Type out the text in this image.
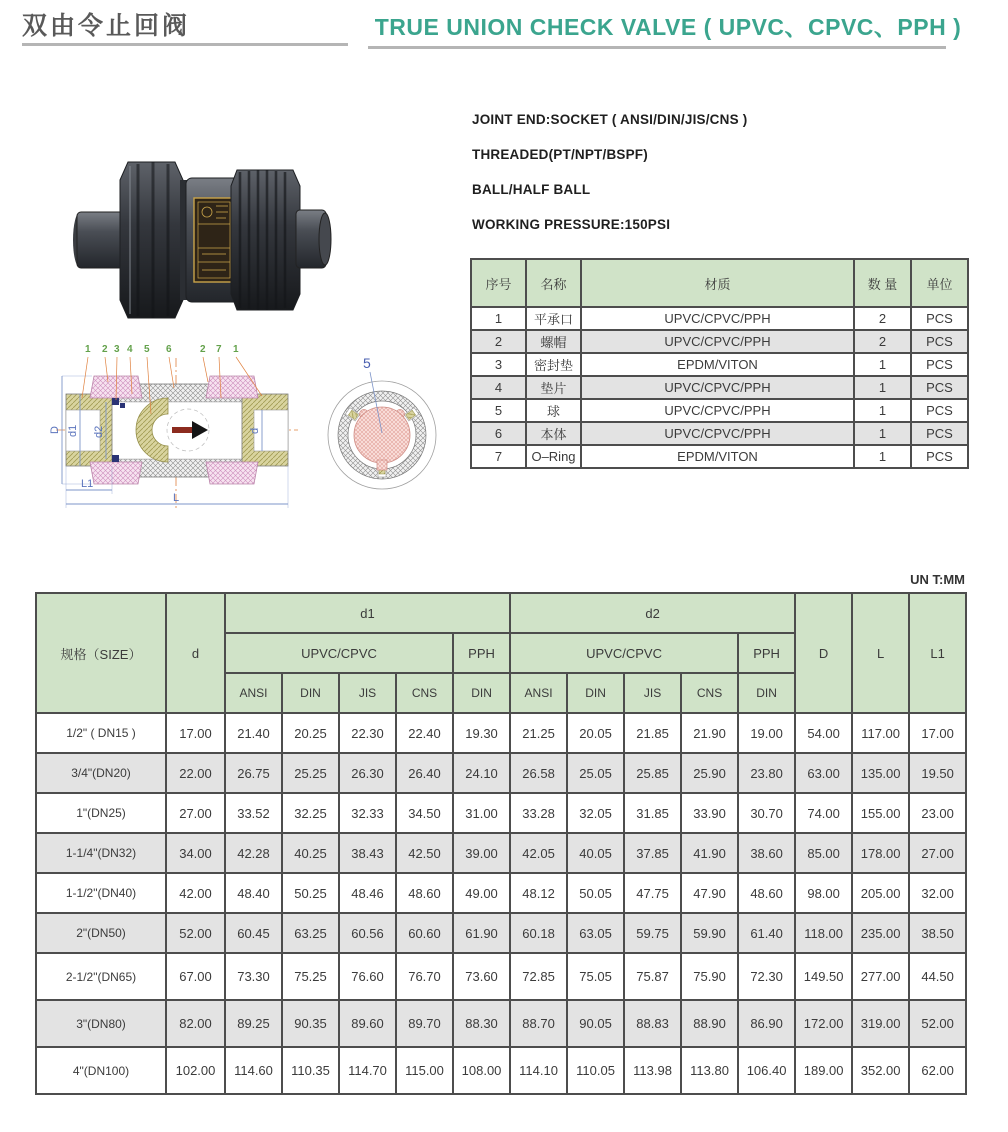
双由令止回阀	TRUE UNION CHECK VALVE ( UPVC、CPVC、PPH )

JOINT END:SOCKET ( ANSI/DIN/JIS/CNS )

THREADED(PT/NPT/BSPF)

BALL/HALF BALL

WORKING PRESSURE:150PSI

序号	名称	材质	数 量	单位
1	平承口	UPVC/CPVC/PPH	2	PCS
2	螺帽	UPVC/CPVC/PPH	2	PCS
3	密封垫	EPDM/VITON	1	PCS
4	垫片	UPVC/CPVC/PPH	1	PCS
5	球	UPVC/CPVC/PPH	1	PCS
6	本体	UPVC/CPVC/PPH	1	PCS
7	O–Ring	EPDM/VITON	1	PCS
D d1 d2	d
L1
L
1 2 3 4 5 6	2 7 1
5
UN T:MM
规格（SIZE）	d	d1					d2					D	L	L1
		UPVC/CPVC				PPH	UPVC/CPVC				PPH			
		ANSI	DIN	JIS	CNS	DIN	ANSI	DIN	JIS	CNS	DIN			
1/2" ( DN15 )	17.00	21.40	20.25	22.30	22.40	19.30	21.25	20.05	21.85	21.90	19.00	54.00	117.00	17.00
3/4"(DN20)	22.00	26.75	25.25	26.30	26.40	24.10	26.58	25.05	25.85	25.90	23.80	63.00	135.00	19.50
1"(DN25)	27.00	33.52	32.25	32.33	34.50	31.00	33.28	32.05	31.85	33.90	30.70	74.00	155.00	23.00
1-1/4"(DN32)	34.00	42.28	40.25	38.43	42.50	39.00	42.05	40.05	37.85	41.90	38.60	85.00	178.00	27.00
1-1/2"(DN40)	42.00	48.40	50.25	48.46	48.60	49.00	48.12	50.05	47.75	47.90	48.60	98.00	205.00	32.00
2"(DN50)	52.00	60.45	63.25	60.56	60.60	61.90	60.18	63.05	59.75	59.90	61.40	118.00	235.00	38.50
2-1/2"(DN65)	67.00	73.30	75.25	76.60	76.70	73.60	72.85	75.05	75.87	75.90	72.30	149.50	277.00	44.50
3"(DN80)	82.00	89.25	90.35	89.60	89.70	88.30	88.70	90.05	88.83	88.90	86.90	172.00	319.00	52.00
4"(DN100)	102.00	114.60	110.35	114.70	115.00	108.00	114.10	110.05	113.98	113.80	106.40	189.00	352.00	62.00
